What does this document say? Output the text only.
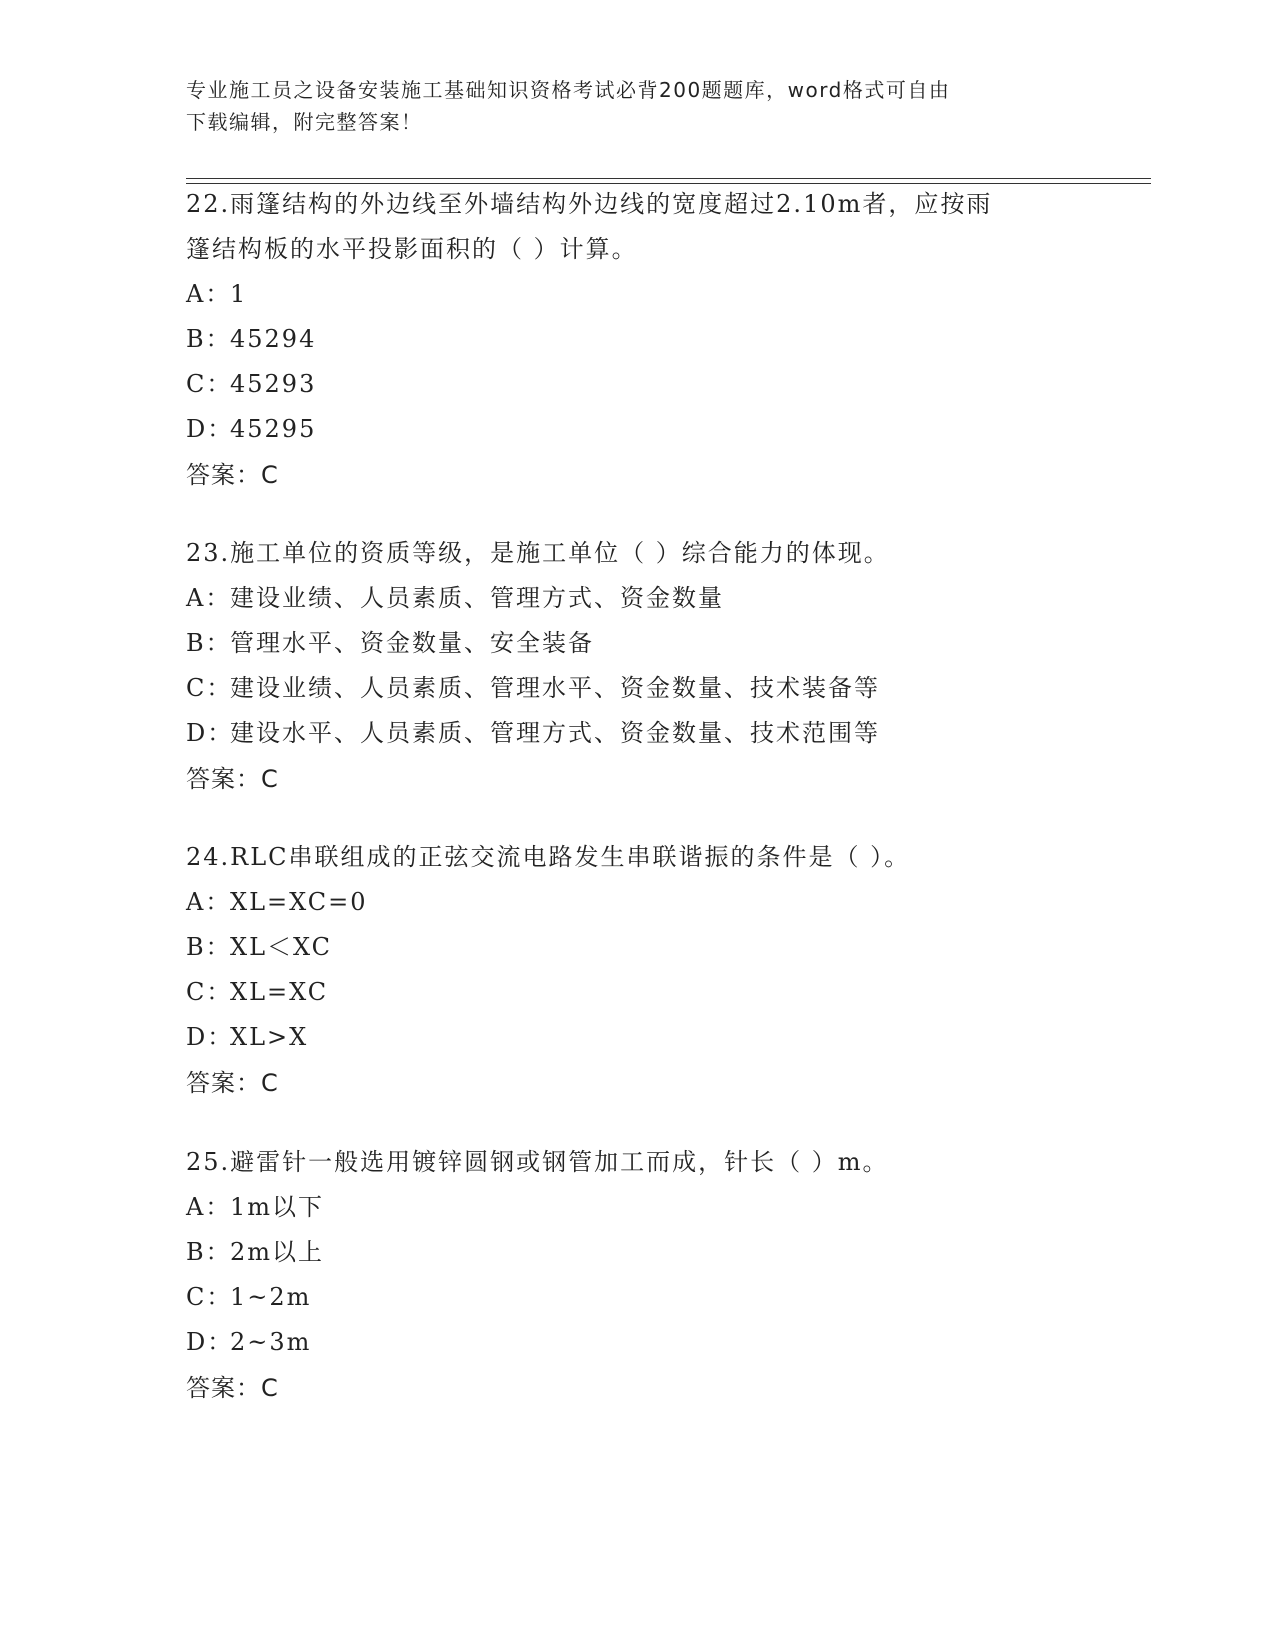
专业施工员之设备安装施工基础知识资格考试必背200题题库，word格式可自由
下载编辑，附完整答案！
22.雨篷结构的外边线至外墙结构外边线的宽度超过2.10m者，应按雨
篷结构板的水平投影面积的（ ）计算。
A：1
B：45294
C：45293
D：45295
答案：C
23.施工单位的资质等级，是施工单位（ ）综合能力的体现。
A：建设业绩、人员素质、管理方式、资金数量
B：管理水平、资金数量、安全装备
C：建设业绩、人员素质、管理水平、资金数量、技术装备等
D：建设水平、人员素质、管理方式、资金数量、技术范围等
答案：C
24.RLC串联组成的正弦交流电路发生串联谐振的条件是（ ）。
A：XL=XC=0
B：XL＜XC
C：XL=XC
D：XL>X
答案：C
25.避雷针一般选用镀锌圆钢或钢管加工而成，针长（ ）m。
A：1m以下
B：2m以上
C：1~2m
D：2~3m
答案：C
